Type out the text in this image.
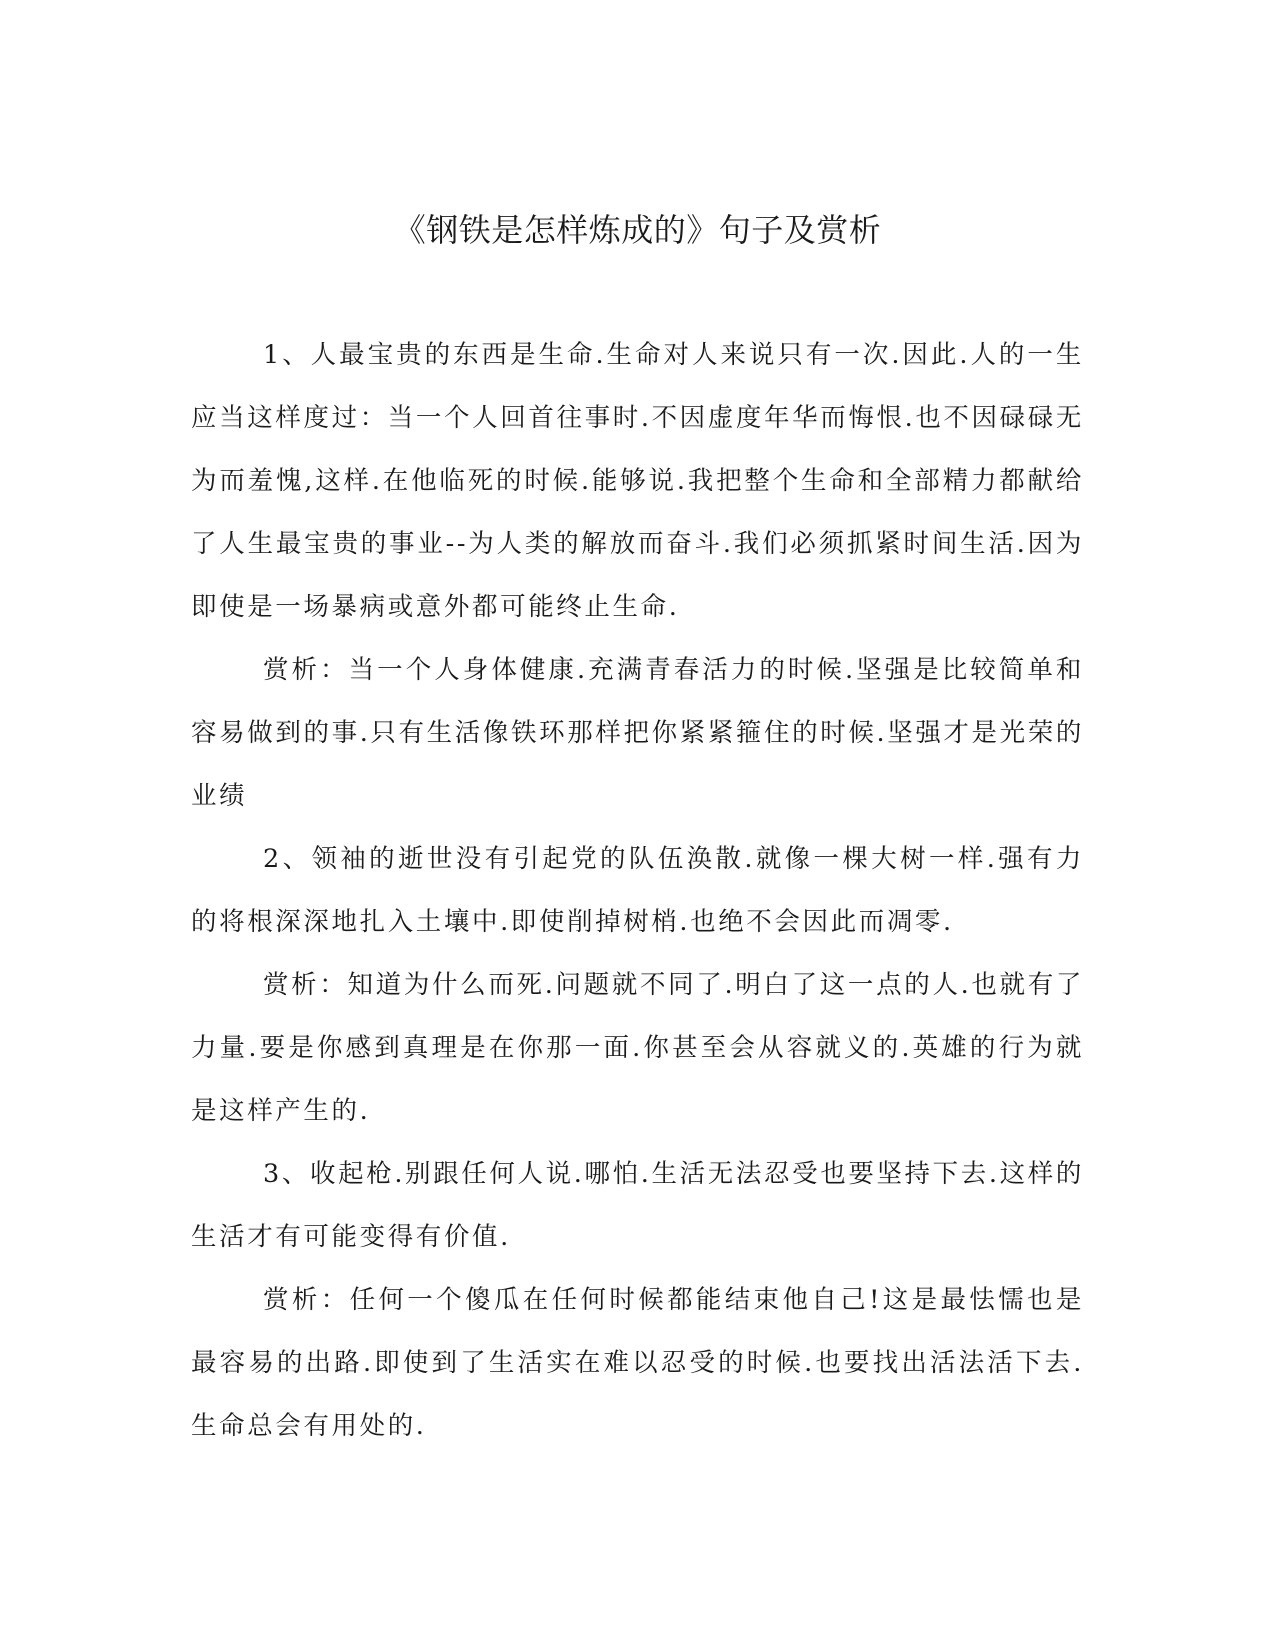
《钢铁是怎样炼成的》句子及赏析

1、人最宝贵的东西是生命.生命对人来说只有一次.因此.人的一生应当这样度过：当一个人回首往事时.不因虚度年华而悔恨.也不因碌碌无为而羞愧,这样.在他临死的时候.能够说.我把整个生命和全部精力都献给了人生最宝贵的事业--为人类的解放而奋斗.我们必须抓紧时间生活.因为即使是一场暴病或意外都可能终止生命.

赏析：当一个人身体健康.充满青春活力的时候.坚强是比较简单和容易做到的事.只有生活像铁环那样把你紧紧箍住的时候.坚强才是光荣的业绩

2、领袖的逝世没有引起党的队伍涣散.就像一棵大树一样.强有力的将根深深地扎入土壤中.即使削掉树梢.也绝不会因此而凋零.

赏析：知道为什么而死.问题就不同了.明白了这一点的人.也就有了力量.要是你感到真理是在你那一面.你甚至会从容就义的.英雄的行为就是这样产生的.

3、收起枪.别跟任何人说.哪怕.生活无法忍受也要坚持下去.这样的生活才有可能变得有价值.

赏析：任何一个傻瓜在任何时候都能结束他自己!这是最怯懦也是最容易的出路.即使到了生活实在难以忍受的时候.也要找出活法活下去.生命总会有用处的.
